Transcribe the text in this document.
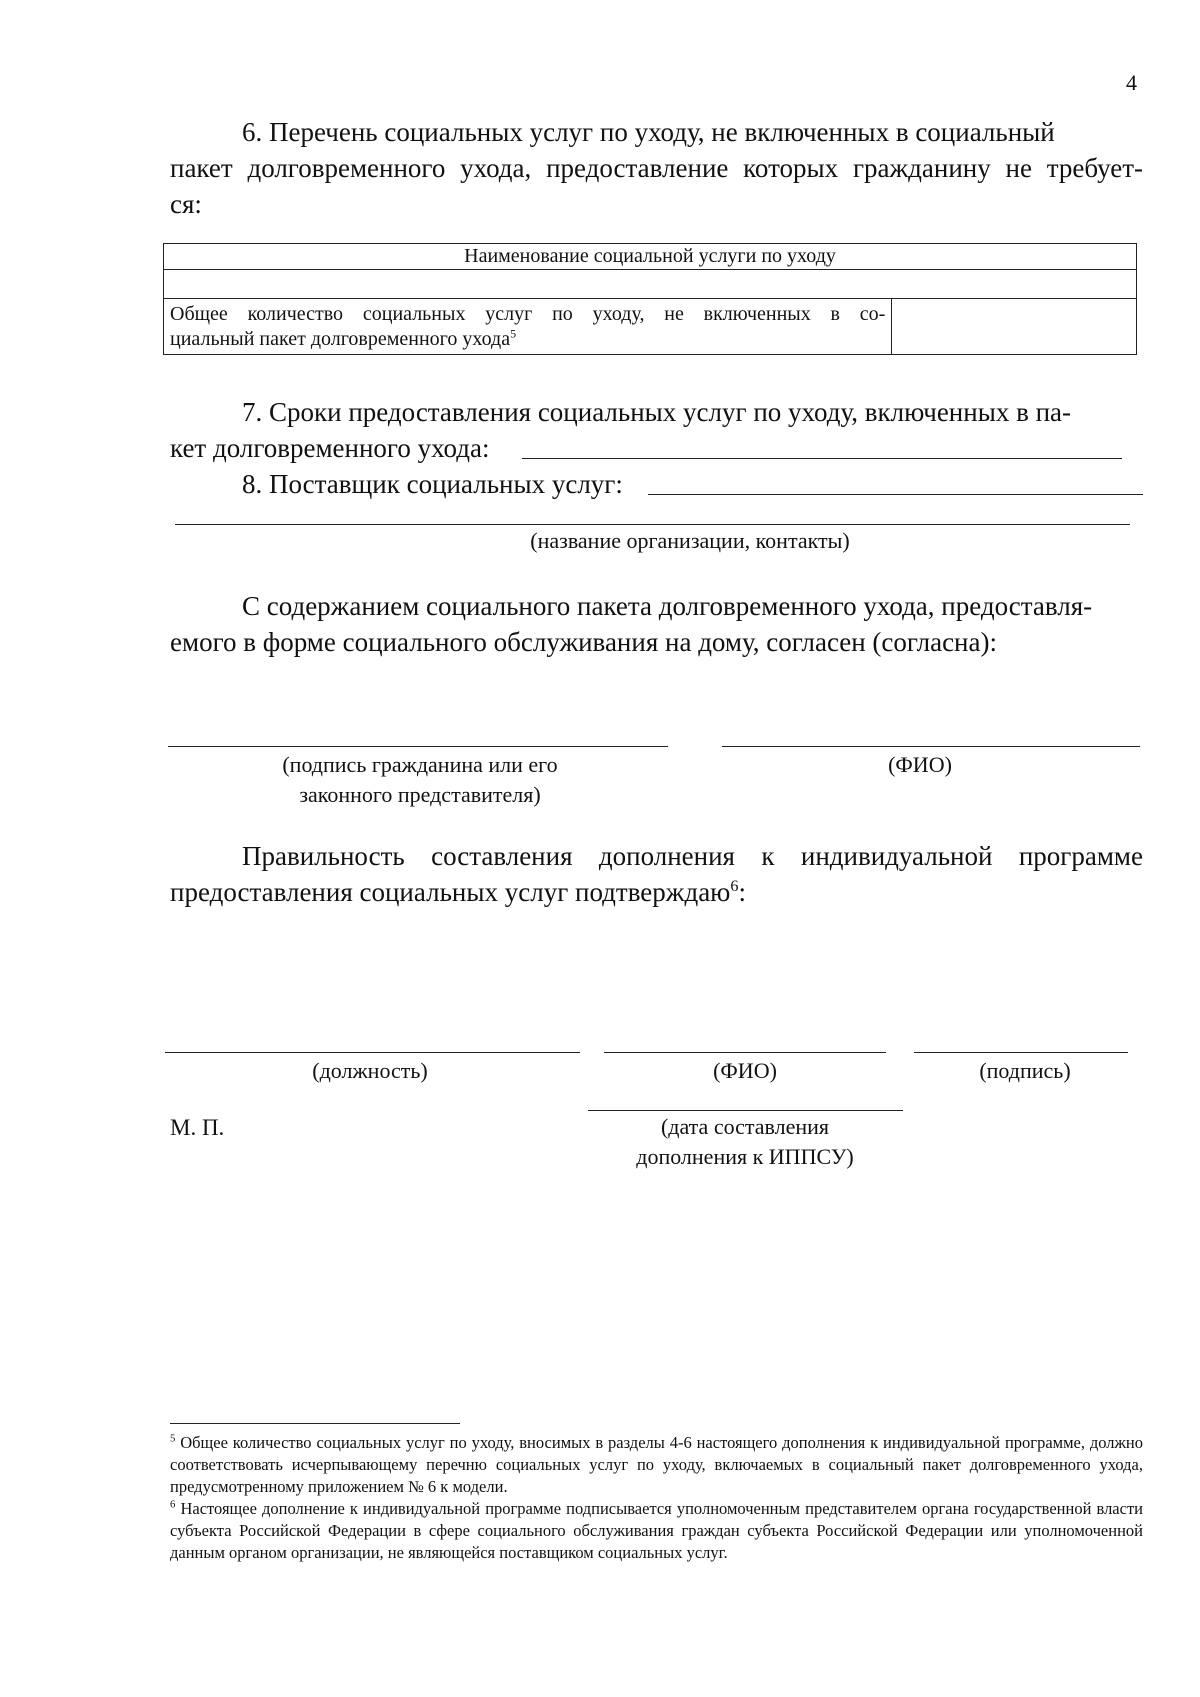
4
6. Перечень социальных услуг по уходу, не включенных в социальный
пакет долговременного ухода, предоставление которых гражданину не требует-
ся:
Наименование социальной услуги по уходу

Общее количество социальных услуг по уходу, не включенных в со-
циальный пакет долговременного ухода$^5$

7. Сроки предоставления социальных услуг по уходу, включенных в па-
кет долговременного ухода:
8. Поставщик социальных услуг:
(название организации, контакты)
С содержанием социального пакета долговременного ухода, предоставля-
емого в форме социального обслуживания на дому, согласен (согласна):
(подпись гражданина или его
законного представителя)
(ФИО)
Правильность составления дополнения к индивидуальной программе
предоставления социальных услуг подтверждаю$^6$:
(должность)	(ФИО)	(подпись)
М. П.	(дата составления
дополнения к ИППСУ)
$^5$ Общее количество социальных услуг по уходу, вносимых в разделы 4-6 настоящего дополнения к индивидуальной программе, должно соответствовать исчерпывающему перечню социальных услуг по уходу, включаемых в социальный пакет долговременного ухода, предусмотренному приложением № 6 к модели.
$^6$ Настоящее дополнение к индивидуальной программе подписывается уполномоченным представителем органа государственной власти субъекта Российской Федерации в сфере социального обслуживания граждан субъекта Российской Федерации или уполномоченной данным органом организации, не являющейся поставщиком социальных услуг.
